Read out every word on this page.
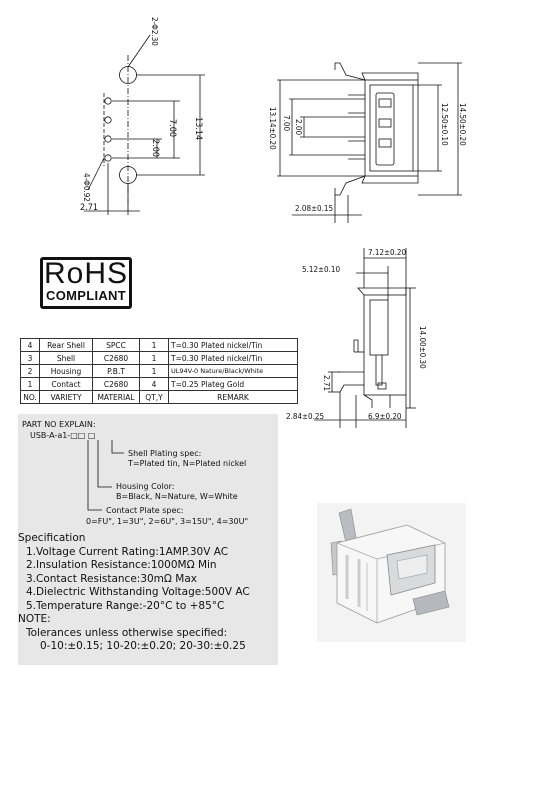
2-Φ2.30
4-Φ0.92
13.14
7.00
2.00
2.71
13.14±0.20 7.00 2.00	12.50±0.10 14.50±0.20
2.08±0.15
7.12±0.20
5.12±0.10
14.00±0.30
2.71
2.84±0.25	6.9±0.20
RoHS
COMPLIANT
4	Rear Shell	SPCC	1	T=0.30 Plated nickel/Tin
3	Shell	C2680	1	T=0.30 Plated nickel/Tin
2	Housing	P.B.T	1	UL94V-0 Nature/Black/White
1	Contact	C2680	4	T=0.25 Plateg Gold
NO.	VARIETY	MATERIAL	QT,Y	REMARK
PART NO EXPLAIN:
USB-A-a1-□□ □
Shell Plating spec:
T=Plated tin, N=Plated nickel
Housing Color:
B=Black, N=Nature, W=White
Contact Plate spec:
0=FU", 1=3U", 2=6U", 3=15U", 4=30U"
Specification
1.Voltage Current Rating:1AMP.30V AC
2.Insulation Resistance:1000MΩ Min
3.Contact Resistance:30mΩ Max
4.Dielectric Withstanding Voltage:500V AC
5.Temperature Range:-20°C to +85°C
NOTE:
Tolerances unless otherwise specified:
0-10:±0.15; 10-20:±0.20; 20-30:±0.25
